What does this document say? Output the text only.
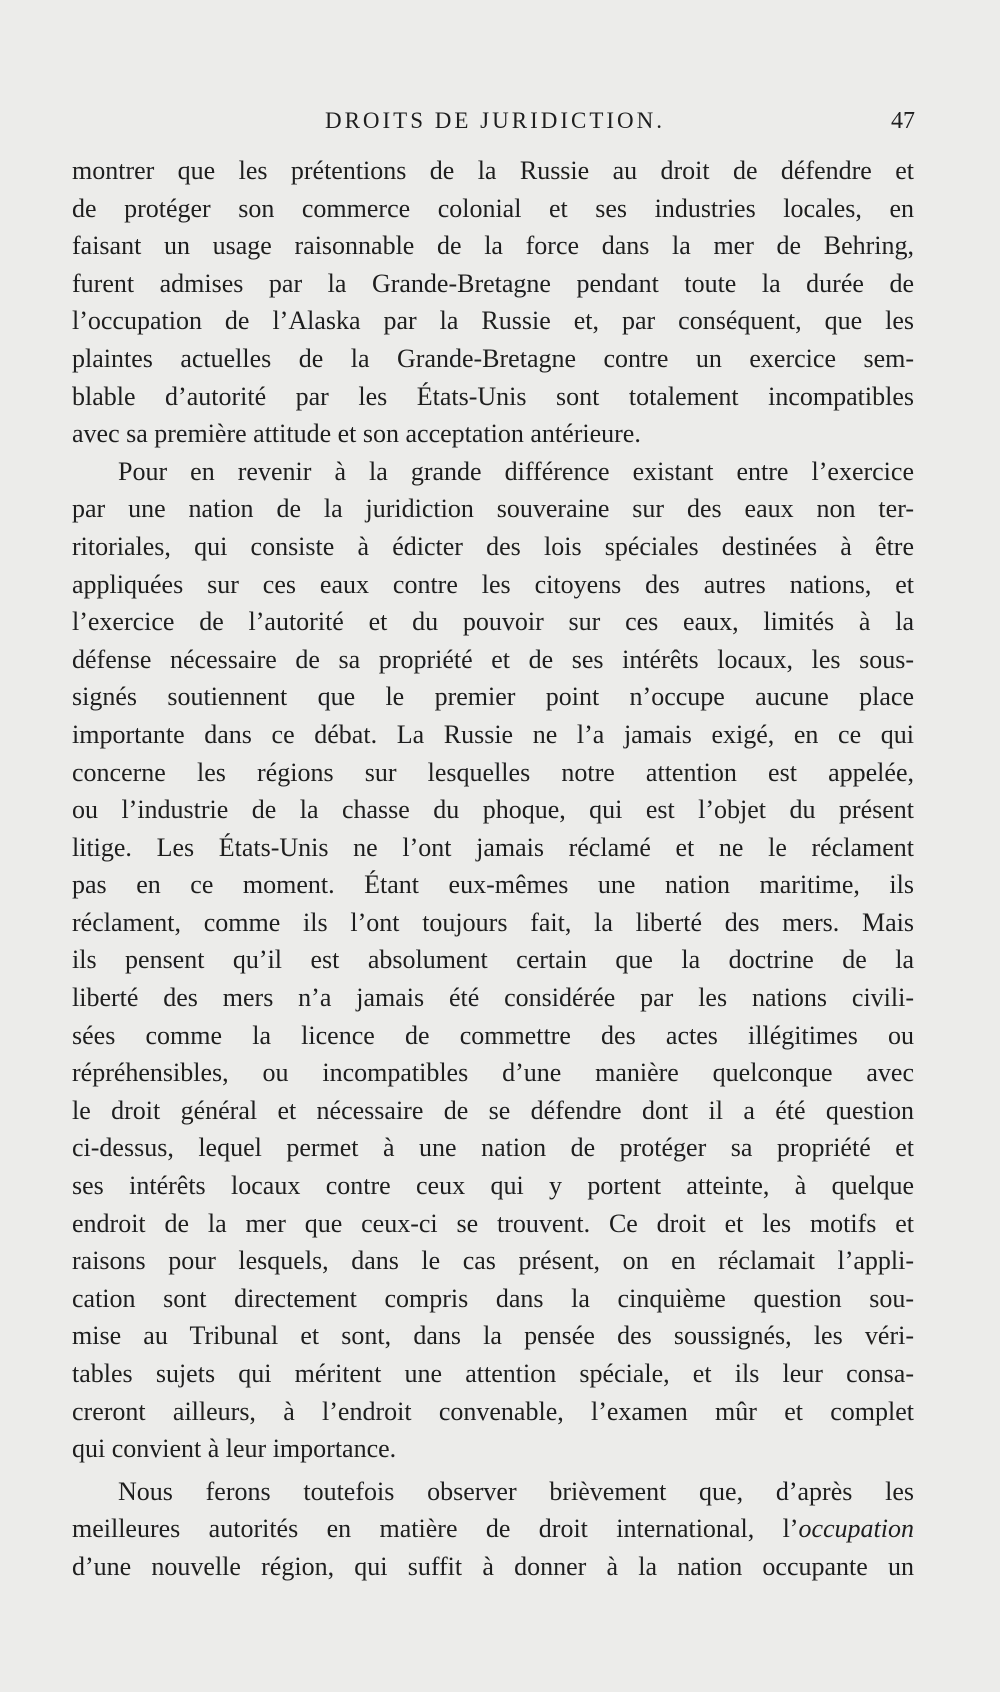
DROITS DE JURIDICTION.	47
montrer que les prétentions de la Russie au droit de défendre et
de protéger son commerce colonial et ses industries locales, en
faisant un usage raisonnable de la force dans la mer de Behring,
furent admises par la Grande-Bretagne pendant toute la durée de
l’occupation de l’Alaska par la Russie et, par conséquent, que les
plaintes actuelles de la Grande-Bretagne contre un exercice sem-
blable d’autorité par les États-Unis sont totalement incompatibles
avec sa première attitude et son acceptation antérieure.
Pour en revenir à la grande différence existant entre l’exercice
par une nation de la juridiction souveraine sur des eaux non ter-
ritoriales, qui consiste à édicter des lois spéciales destinées à être
appliquées sur ces eaux contre les citoyens des autres nations, et
l’exercice de l’autorité et du pouvoir sur ces eaux, limités à la
défense nécessaire de sa propriété et de ses intérêts locaux, les sous-
signés soutiennent que le premier point n’occupe aucune place
importante dans ce débat. La Russie ne l’a jamais exigé, en ce qui
concerne les régions sur lesquelles notre attention est appelée,
ou l’industrie de la chasse du phoque, qui est l’objet du présent
litige. Les États-Unis ne l’ont jamais réclamé et ne le réclament
pas en ce moment. Étant eux-mêmes une nation maritime, ils
réclament, comme ils l’ont toujours fait, la liberté des mers. Mais
ils pensent qu’il est absolument certain que la doctrine de la
liberté des mers n’a jamais été considérée par les nations civili-
sées comme la licence de commettre des actes illégitimes ou
répréhensibles, ou incompatibles d’une manière quelconque avec
le droit général et nécessaire de se défendre dont il a été question
ci-dessus, lequel permet à une nation de protéger sa propriété et
ses intérêts locaux contre ceux qui y portent atteinte, à quelque
endroit de la mer que ceux-ci se trouvent. Ce droit et les motifs et
raisons pour lesquels, dans le cas présent, on en réclamait l’appli-
cation sont directement compris dans la cinquième question sou-
mise au Tribunal et sont, dans la pensée des soussignés, les véri-
tables sujets qui méritent une attention spéciale, et ils leur consa-
creront ailleurs, à l’endroit convenable, l’examen mûr et complet
qui convient à leur importance.
Nous ferons toutefois observer brièvement que, d’après les
meilleures autorités en matière de droit international, l’occupation
d’une nouvelle région, qui suffit à donner à la nation occupante un
